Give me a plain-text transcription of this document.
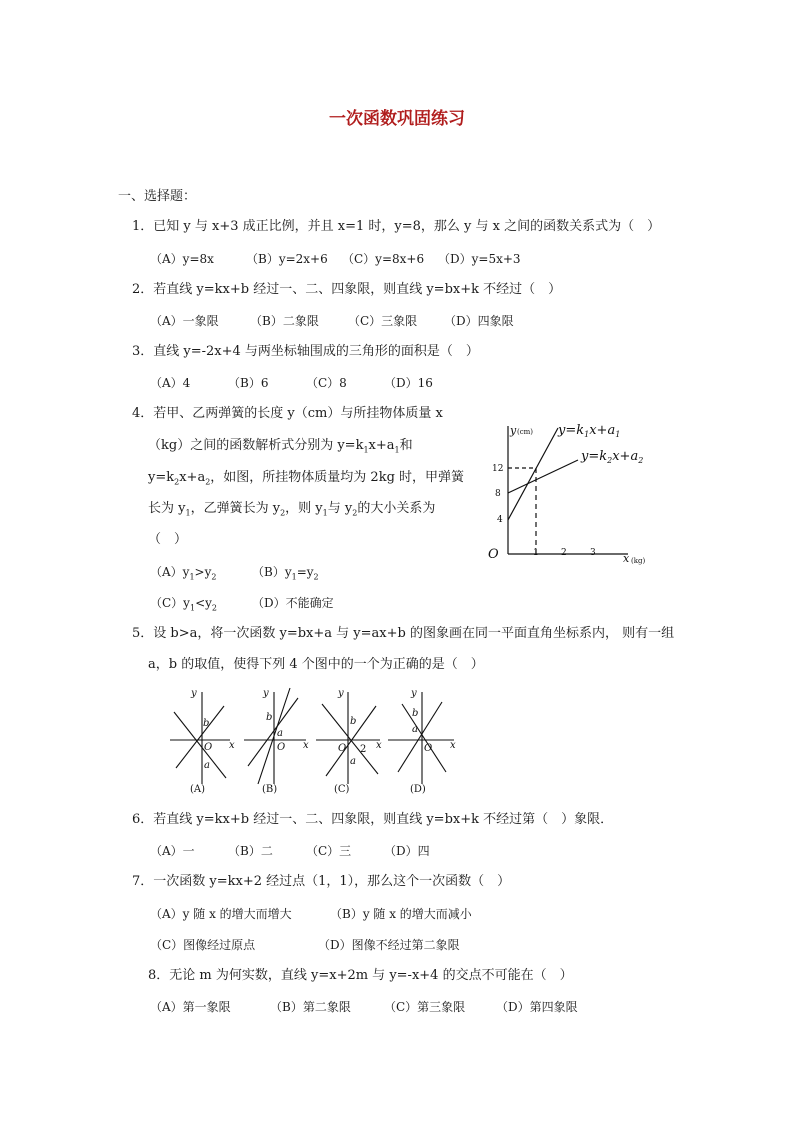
一次函数巩固练习
一、选择题：
1．已知 y 与 x+3 成正比例，并且 x=1 时，y=8，那么 y 与 x 之间的函数关系式为（　）
（A）y=8x	（B）y=2x+6 （C）y=8x+6 （D）y=5x+3
2．若直线 y=kx+b 经过一、二、四象限，则直线 y=bx+k 不经过（　）
（A）一象限	（B）二象限 （C）三象限 （D）四象限
3．直线 y=-2x+4 与两坐标轴围成的三角形的面积是（　）
（A）4	（B）6	（C）8	（D）16
4．若甲、乙两弹簧的长度 y（cm）与所挂物体质量 x
（kg）之间的函数解析式分别为 $y=k_1x+a_1$和
$y=k_2x+a_2$，如图，所挂物体质量均为 2kg 时，甲弹簧
长为 $y_1$，乙弹簧长为 $y_2$，则 $y_1$与 $y_2$的大小关系为
（　）
$(A)y_1>y_2$	$(B)y_1=y_2$
$(C)y_1<y_2$	（D）不能确定
y (cm)
x (kg)
O
12
8
4
1 2	3
$y=k_1x+a_1$
$y=k_2x+a_2$
5．设 b>a，将一次函数 y=bx+a 与 y=ax+b 的图象画在同一平面直角坐标系内， 则有一组
a，b 的取值，使得下列 4 个图中的一个为正确的是（　）
y
x
O
b
a
(A)
y
x
O
b
a
(B)
y
x
O
b
a
2
(C)
y
x
O
b
a
(D)
6．若直线 y=kx+b 经过一、二、四象限，则直线 y=bx+k 不经过第（　）象限．
（A）一	（B）二	（C）三	（D）四
7．一次函数 y=kx+2 经过点（1，1），那么这个一次函数（　）
（A）y 随 x 的增大而增大	（B）y 随 x 的增大而减小
（C）图像经过原点	（D）图像不经过第二象限
8．无论 m 为何实数，直线 y=x+2m 与 y=-x+4 的交点不可能在（　）
（A）第一象限	（B）第二象限	（C）第三象限	（D）第四象限
